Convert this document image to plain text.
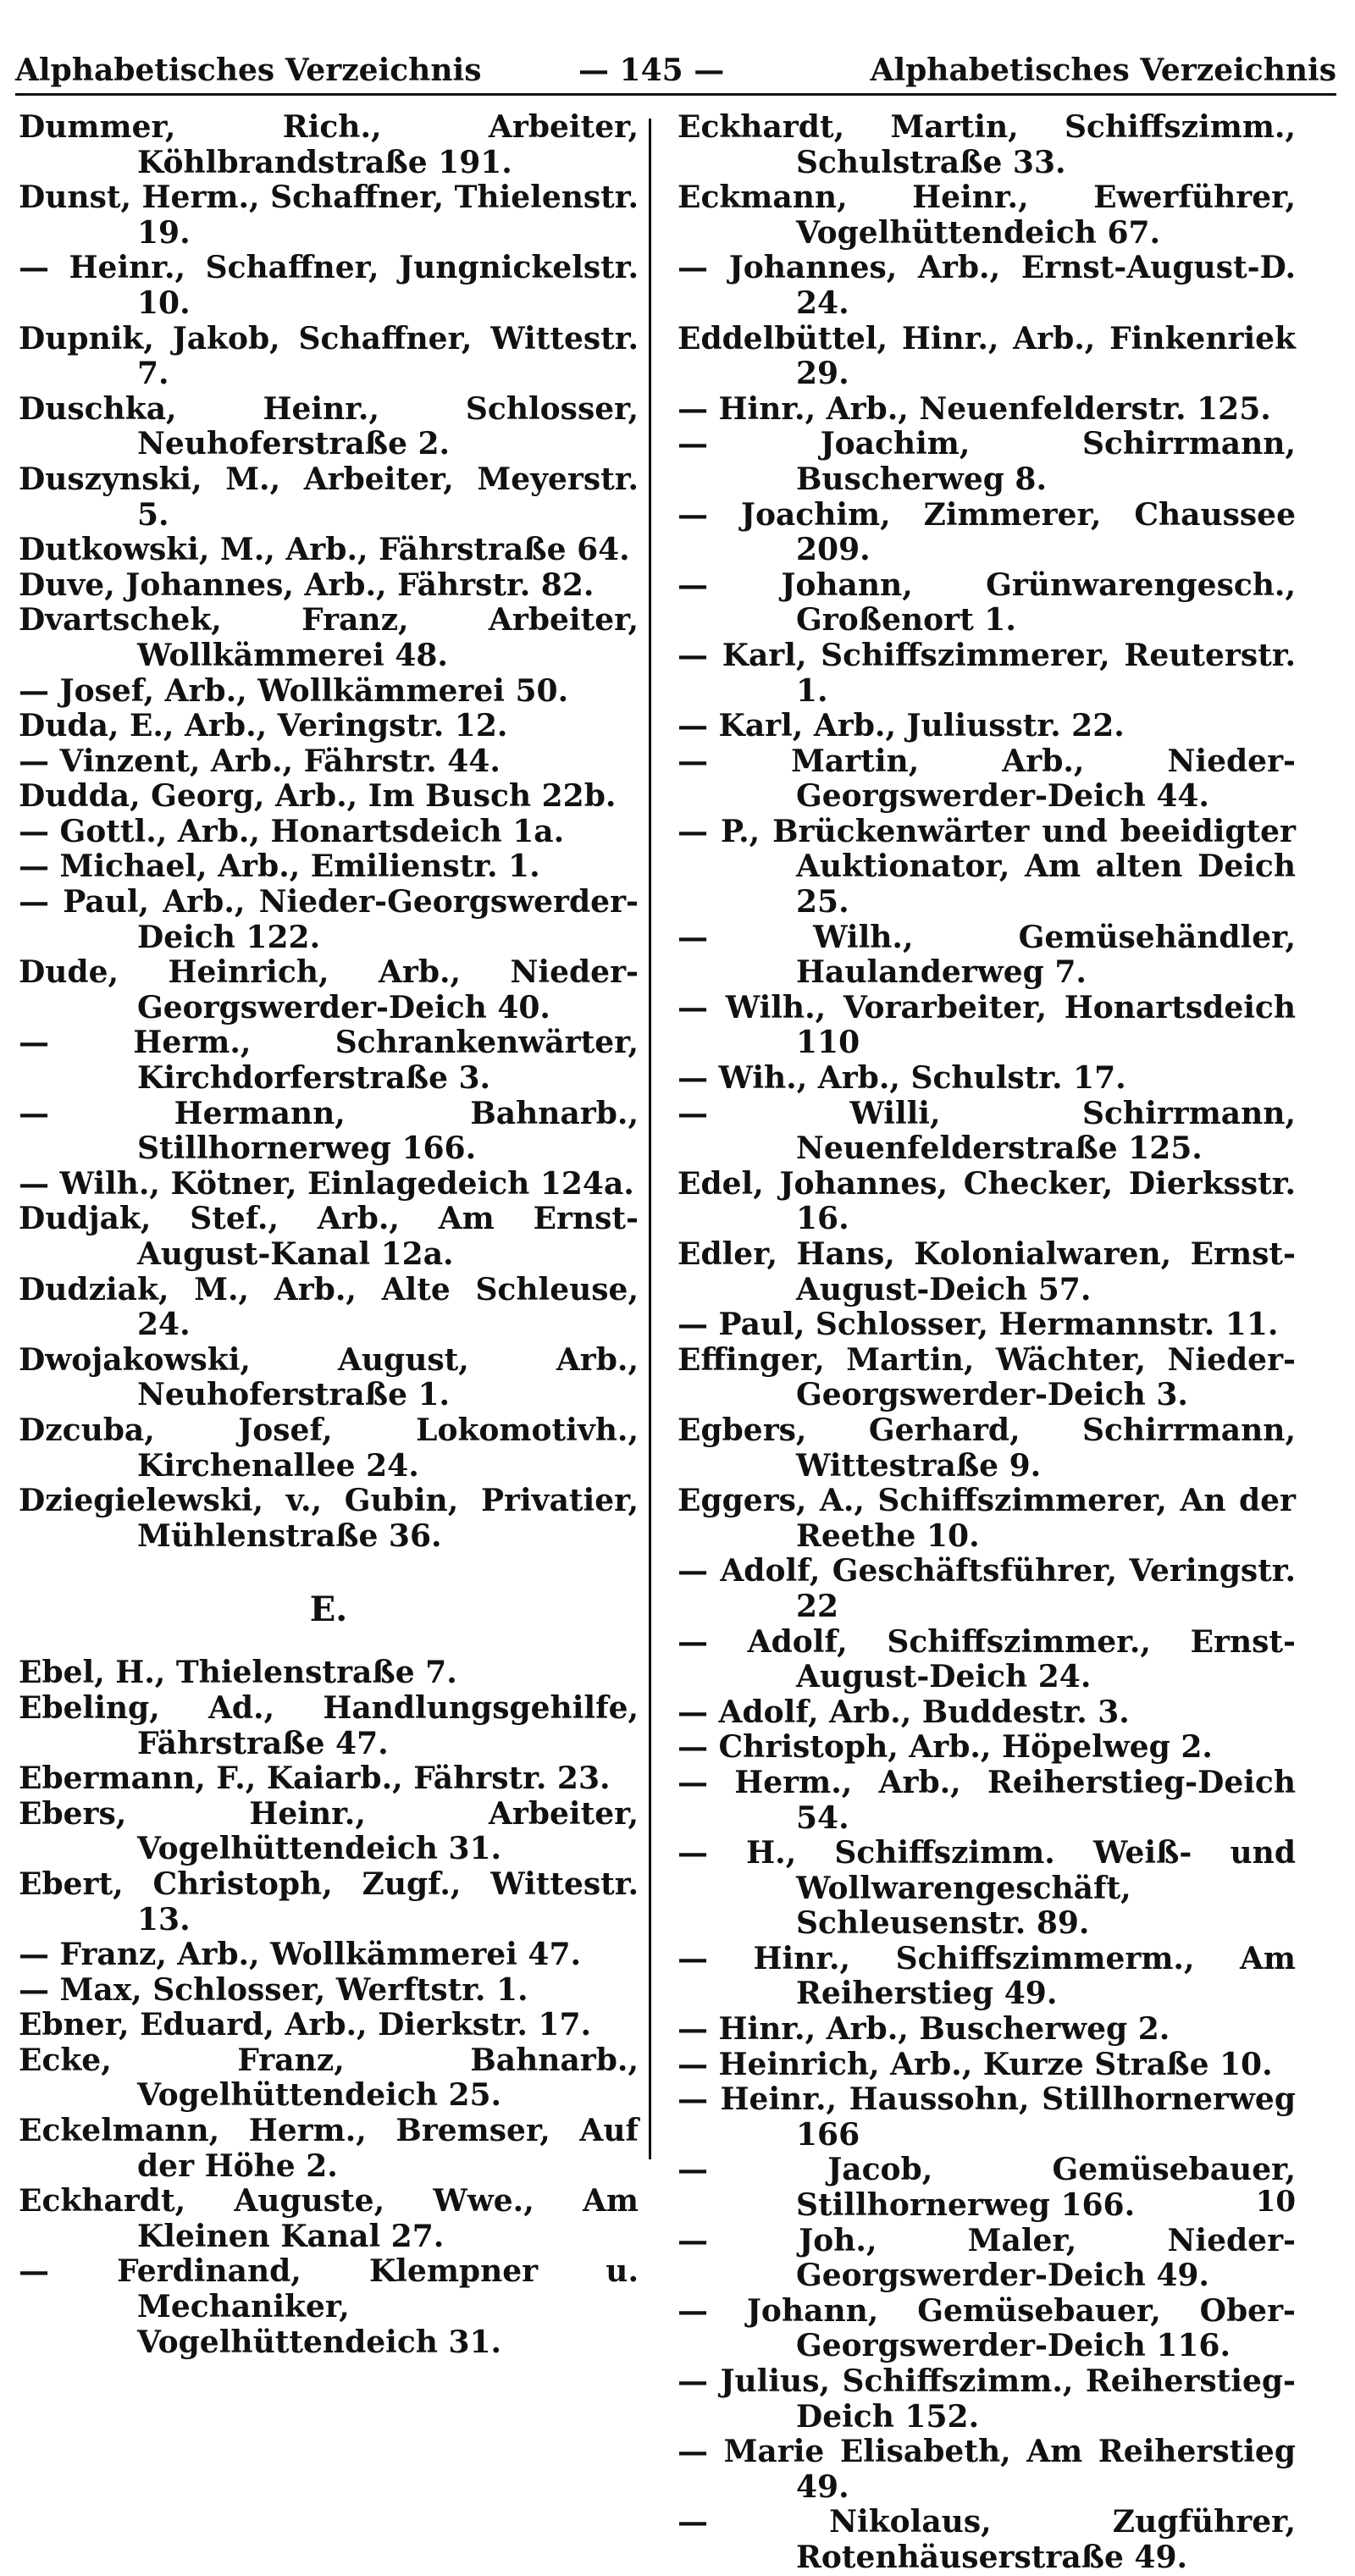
Alphabetisches Verzeichnis	— 145 —	Alphabetisches Verzeichnis

Dummer, Rich., Arbeiter, Köhlbrandstraße 191.

Dunst, Herm., Schaffner, Thielenstr. 19.

— Heinr., Schaffner, Jungnickelstr. 10.

Dupnik, Jakob, Schaffner, Wittestr. 7.

Duschka, Heinr., Schlosser, Neuhoferstraße 2.

Duszynski, M., Arbeiter, Meyerstr. 5.

Dutkowski, M., Arb., Fährstraße 64.

Duve, Johannes, Arb., Fährstr. 82.

Dvartschek, Franz, Arbeiter, Wollkämmerei 48.

— Josef, Arb., Wollkämmerei 50.

Duda, E., Arb., Veringstr. 12.

— Vinzent, Arb., Fährstr. 44.

Dudda, Georg, Arb., Im Busch 22b.

— Gottl., Arb., Honartsdeich 1a.

— Michael, Arb., Emilienstr. 1.

— Paul, Arb., Nieder-Georgswerder-Deich 122.

Dude, Heinrich, Arb., Nieder-Georgswerder-Deich 40.

— Herm., Schrankenwärter, Kirchdorferstraße 3.

— Hermann, Bahnarb., Stillhornerweg 166.

— Wilh., Kötner, Einlagedeich 124a.

Dudjak, Stef., Arb., Am Ernst-August-Kanal 12a.

Dudziak, M., Arb., Alte Schleuse, 24.

Dwojakowski, August, Arb., Neuhoferstraße 1.

Dzcuba, Josef, Lokomotivh., Kirchenallee 24.

Dziegielewski, v., Gubin, Privatier, Mühlenstraße 36.

E.

Ebel, H., Thielenstraße 7.

Ebeling, Ad., Handlungsgehilfe, Fährstraße 47.

Ebermann, F., Kaiarb., Fährstr. 23.

Ebers, Heinr., Arbeiter, Vogelhüttendeich 31.

Ebert, Christoph, Zugf., Wittestr. 13.

— Franz, Arb., Wollkämmerei 47.

— Max, Schlosser, Werftstr. 1.

Ebner, Eduard, Arb., Dierkstr. 17.

Ecke, Franz, Bahnarb., Vogelhüttendeich 25.

Eckelmann, Herm., Bremser, Auf der Höhe 2.

Eckhardt, Auguste, Wwe., Am Kleinen Kanal 27.

— Ferdinand, Klempner u. Mechaniker, Vogelhüttendeich 31.

Eckhardt, Martin, Schiffszimm., Schulstraße 33.

Eckmann, Heinr., Ewerführer, Vogelhüttendeich 67.

— Johannes, Arb., Ernst-August-D. 24.

Eddelbüttel, Hinr., Arb., Finkenriek 29.

— Hinr., Arb., Neuenfelderstr. 125.

— Joachim, Schirrmann, Buscherweg 8.

— Joachim, Zimmerer, Chaussee 209.

— Johann, Grünwarengesch., Großenort 1.

— Karl, Schiffszimmerer, Reuterstr. 1.

— Karl, Arb., Juliusstr. 22.

— Martin, Arb., Nieder-Georgswerder-Deich 44.

— P., Brückenwärter und beeidigter Auktionator, Am alten Deich 25.

— Wilh., Gemüsehändler, Haulanderweg 7.

— Wilh., Vorarbeiter, Honartsdeich 110

— Wih., Arb., Schulstr. 17.

— Willi, Schirrmann, Neuenfelderstraße 125.

Edel, Johannes, Checker, Dierksstr. 16.

Edler, Hans, Kolonialwaren, Ernst-August-Deich 57.

— Paul, Schlosser, Hermannstr. 11.

Effinger, Martin, Wächter, Nieder-Georgswerder-Deich 3.

Egbers, Gerhard, Schirrmann, Wittestraße 9.

Eggers, A., Schiffszimmerer, An der Reethe 10.

— Adolf, Geschäftsführer, Veringstr. 22

— Adolf, Schiffszimmer., Ernst-August-Deich 24.

— Adolf, Arb., Buddestr. 3.

— Christoph, Arb., Höpelweg 2.

— Herm., Arb., Reiherstieg-Deich 54.

— H., Schiffszimm. Weiß- und Wollwarengeschäft, Schleusenstr. 89.

— Hinr., Schiffszimmerm., Am Reiherstieg 49.

— Hinr., Arb., Buscherweg 2.

— Heinrich, Arb., Kurze Straße 10.

— Heinr., Haussohn, Stillhornerweg 166

— Jacob, Gemüsebauer, Stillhornerweg 166.

— Joh., Maler, Nieder-Georgswerder-Deich 49.

— Johann, Gemüsebauer, Ober-Georgswerder-Deich 116.

— Julius, Schiffszimm., Reiherstieg-Deich 152.

— Marie Elisabeth, Am Reiherstieg 49.

— Nikolaus, Zugführer, Rotenhäuserstraße 49.

10
